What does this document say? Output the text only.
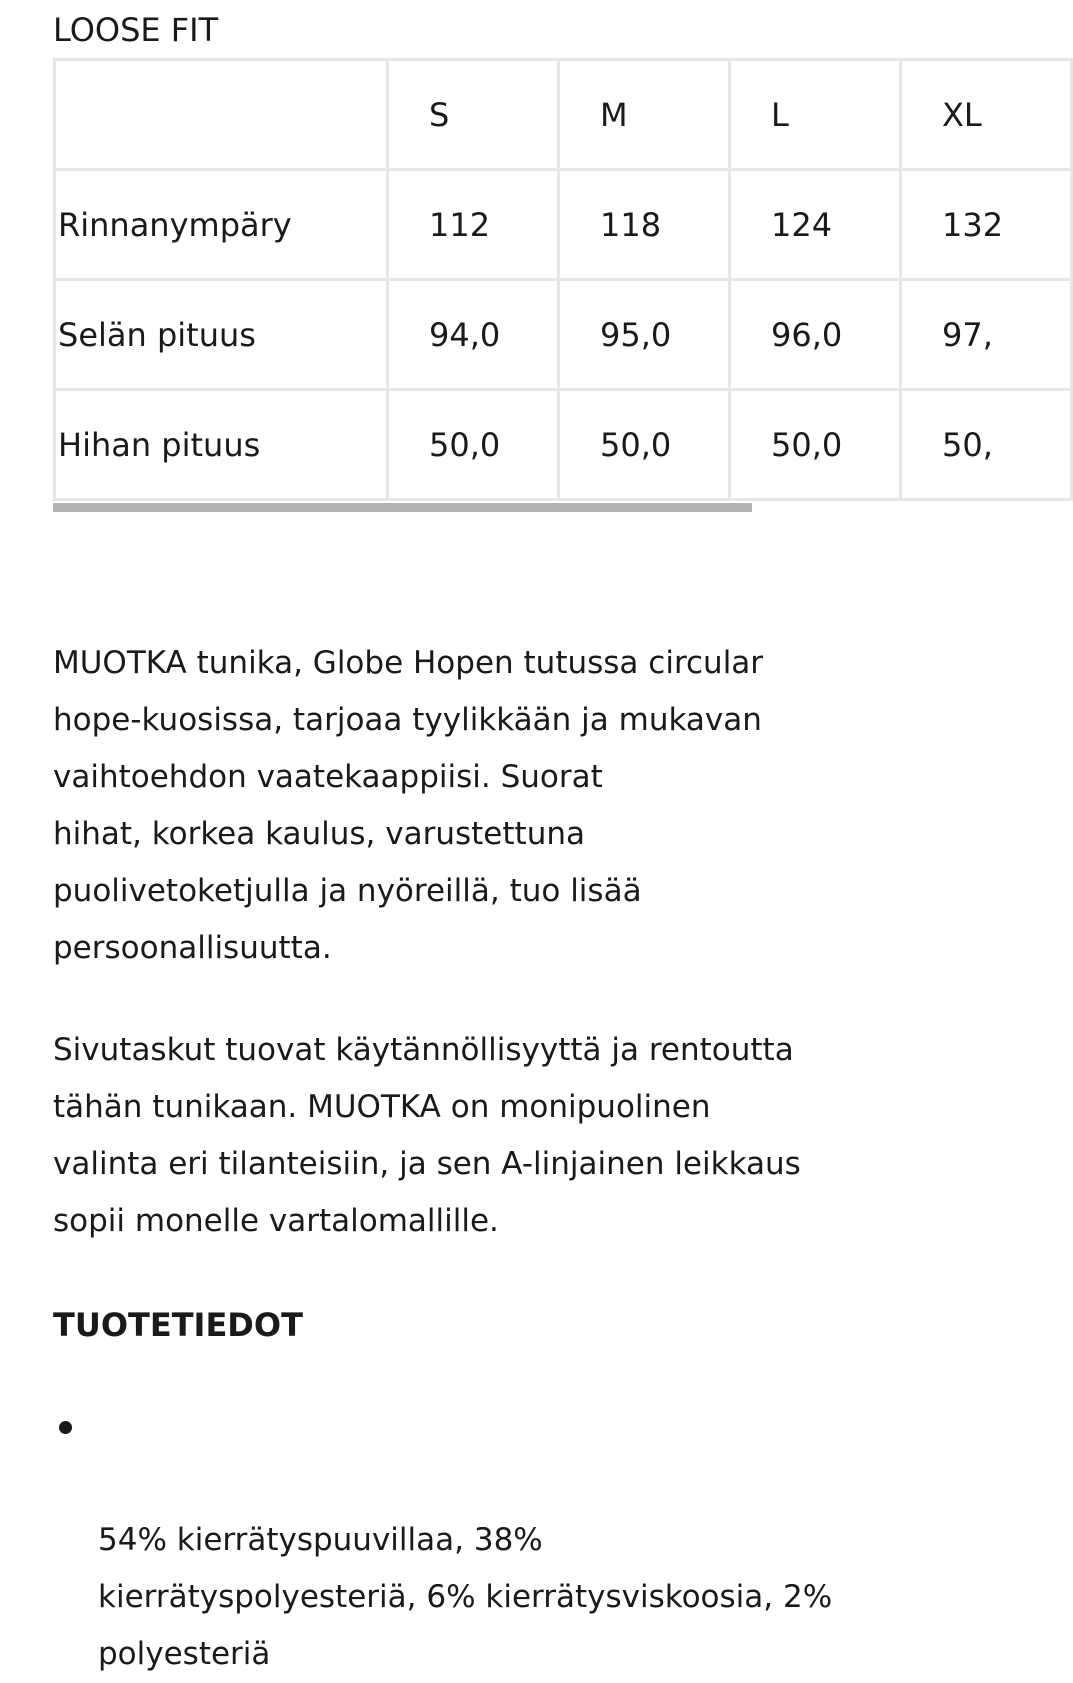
LOOSE FIT
	S	M	L	XL
Rinnanympäry	112	118	124	132
Selän pituus	94,0	95,0	96,0	97,
Hihan pituus	50,0	50,0	50,0	50,

MUOTKA tunika, Globe Hopen tutussa circular
hope-kuosissa, tarjoaa tyylikkään ja mukavan
vaihtoehdon vaatekaappiisi. Suorat
hihat, korkea kaulus, varustettuna
puolivetoketjulla ja nyöreillä, tuo lisää
persoonallisuutta.

Sivutaskut tuovat käytännöllisyyttä ja rentoutta
tähän tunikaan. MUOTKA on monipuolinen
valinta eri tilanteisiin, ja sen A-linjainen leikkaus
sopii monelle vartalomallille.

TUOTETIEDOT

54% kierrätyspuuvillaa, 38%
kierrätyspolyesteriä, 6% kierrätysviskoosia, 2%
polyesteriä
